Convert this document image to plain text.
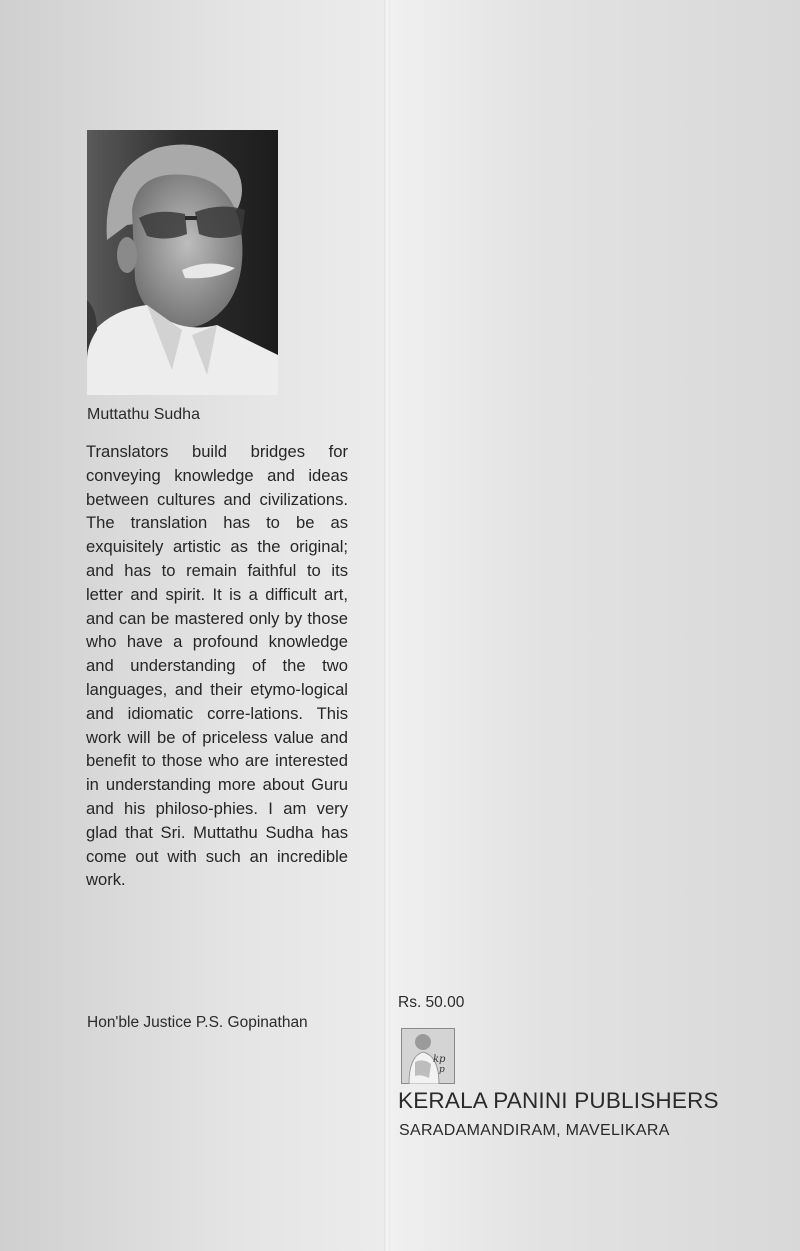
Muttathu Sudha

Translators build bridges for conveying knowledge and ideas between cultures and civilizations. The translation has to be as exquisitely artistic as the original; and has to remain faithful to its letter and spirit. It is a difficult art, and can be mastered only by those who have a profound knowledge and understanding of the two languages, and their etymo-logical and idiomatic corre-lations. This work will be of priceless value and benefit to those who are interested in understanding more about Guru and his philoso-phies. I am very glad that Sri. Muttathu Sudha has come out with such an incredible work.

Hon'ble Justice P.S. Gopinathan
Rs. 50.00
kp
p
KERALA PANINI PUBLISHERS
SARADAMANDIRAM, MAVELIKARA
